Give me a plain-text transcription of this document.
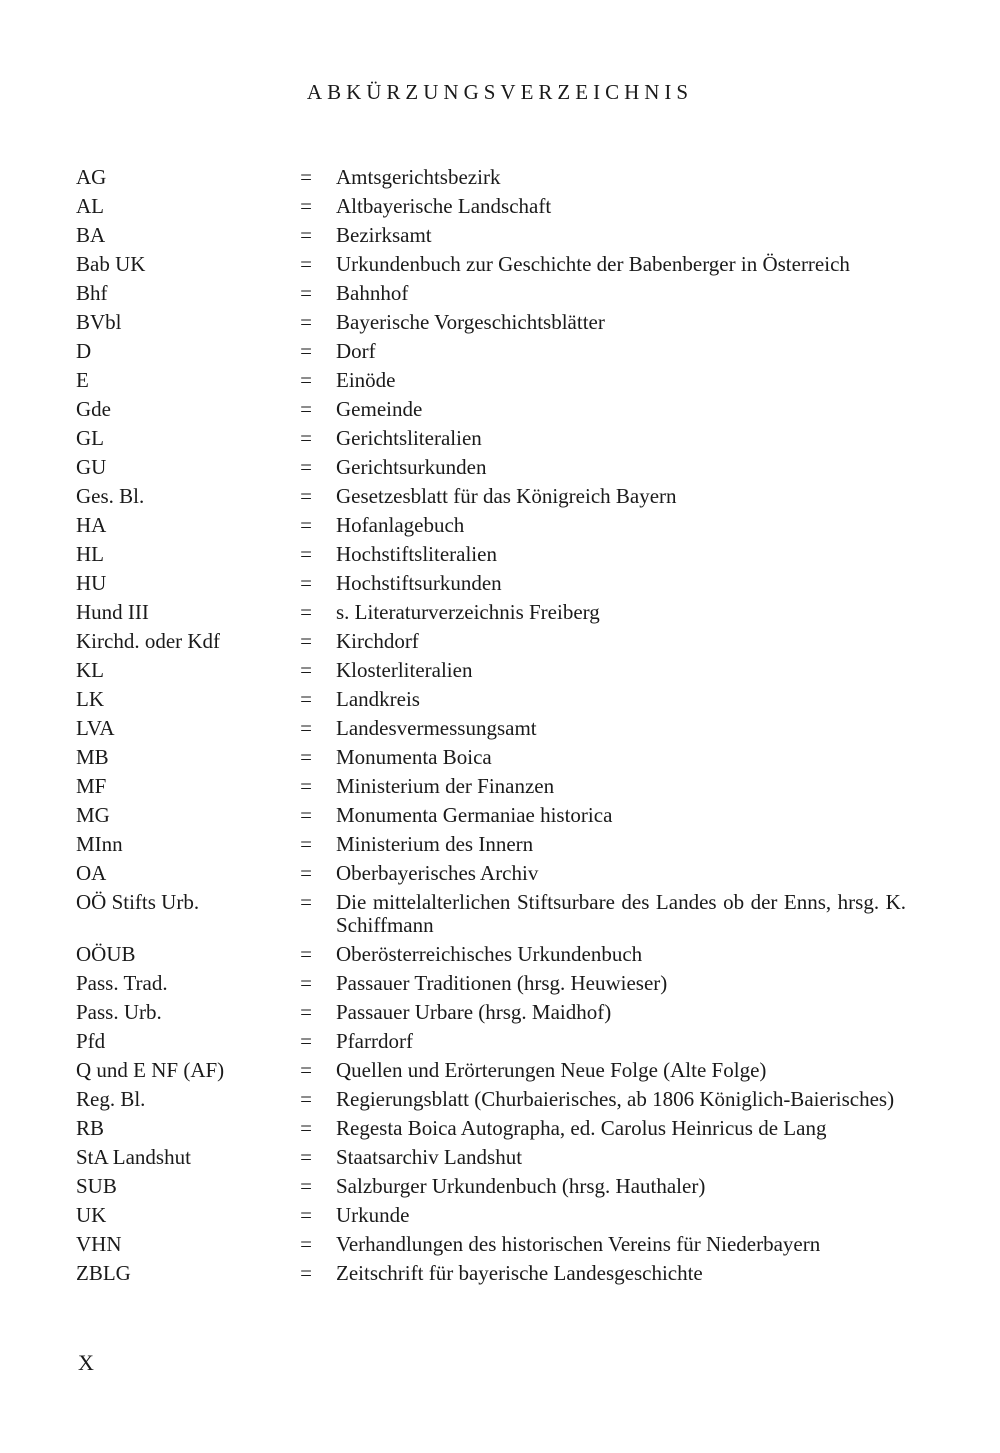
ABKÜRZUNGSVERZEICHNIS
AG	=	Amtsgerichtsbezirk
AL	=	Altbayerische Landschaft
BA	=	Bezirksamt
Bab UK	=	Urkundenbuch zur Geschichte der Babenberger in Österreich
Bhf	=	Bahnhof
BVbl	=	Bayerische Vorgeschichtsblätter
D	=	Dorf
E	=	Einöde
Gde	=	Gemeinde
GL	=	Gerichtsliteralien
GU	=	Gerichtsurkunden
Ges. Bl.	=	Gesetzesblatt für das Königreich Bayern
HA	=	Hofanlagebuch
HL	=	Hochstiftsliteralien
HU	=	Hochstiftsurkunden
Hund III	=	s. Literaturverzeichnis Freiberg
Kirchd. oder Kdf	=	Kirchdorf
KL	=	Klosterliteralien
LK	=	Landkreis
LVA	=	Landesvermessungsamt
MB	=	Monumenta Boica
MF	=	Ministerium der Finanzen
MG	=	Monumenta Germaniae historica
MInn	=	Ministerium des Innern
OA	=	Oberbayerisches Archiv
OÖ Stifts Urb.	=	Die mittelalterlichen Stiftsurbare des Landes ob der Enns, hrsg. K. Schiffmann
OÖUB	=	Oberösterreichisches Urkundenbuch
Pass. Trad.	=	Passauer Traditionen (hrsg. Heuwieser)
Pass. Urb.	=	Passauer Urbare (hrsg. Maidhof)
Pfd	=	Pfarrdorf
Q und E NF (AF)	=	Quellen und Erörterungen Neue Folge (Alte Folge)
Reg. Bl.	=	Regierungsblatt (Churbaierisches, ab 1806 Königlich-Baierisches)
RB	=	Regesta Boica Autographa, ed. Carolus Heinricus de Lang
StA Landshut	=	Staatsarchiv Landshut
SUB	=	Salzburger Urkundenbuch (hrsg. Hauthaler)
UK	=	Urkunde
VHN	=	Verhandlungen des historischen Vereins für Niederbayern
ZBLG	=	Zeitschrift für bayerische Landesgeschichte
X
